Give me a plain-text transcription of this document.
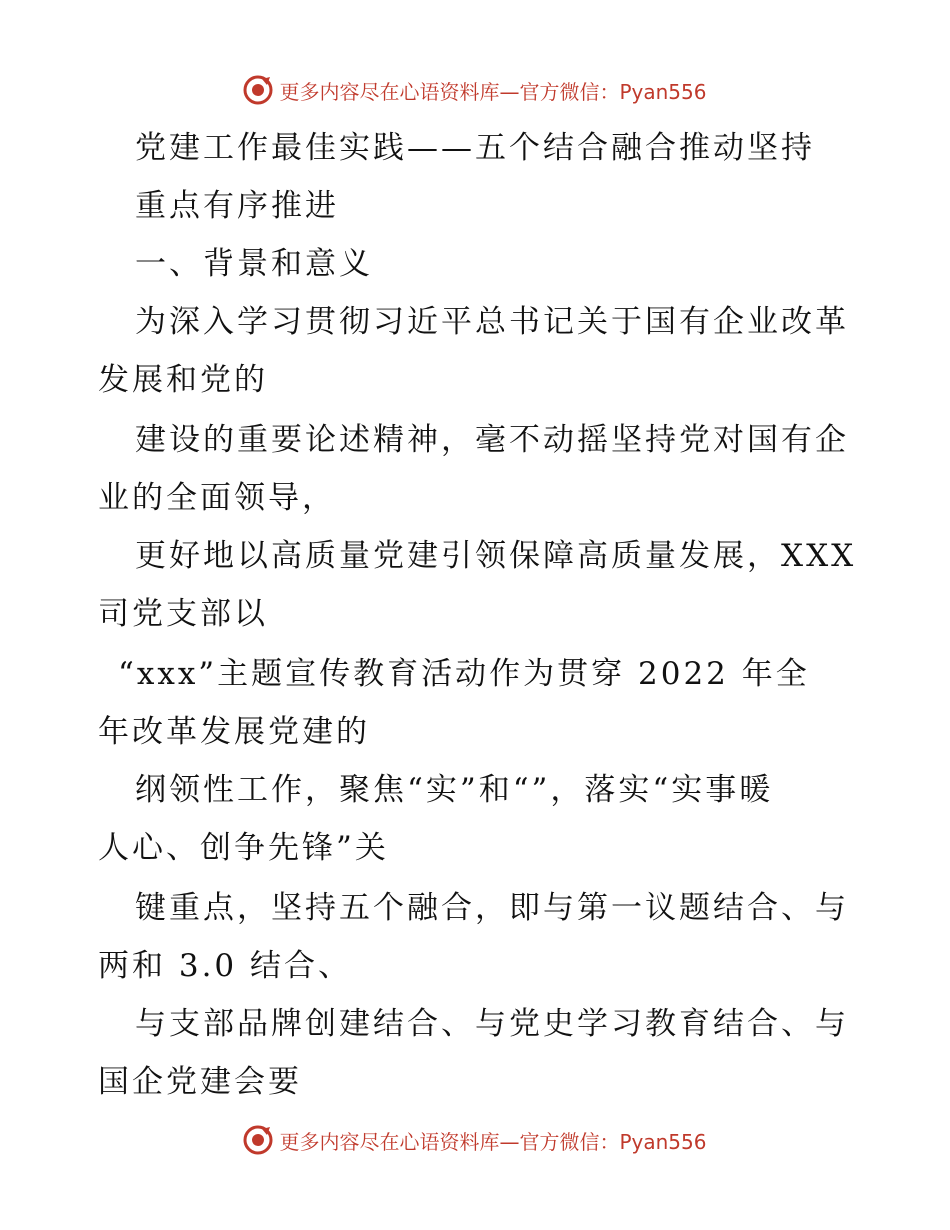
更多内容尽在心语资料库—官方微信：Pyan556
党建工作最佳实践——五个结合融合推动坚持
重点有序推进
一、背景和意义
为深入学习贯彻习近平总书记关于国有企业改革
发展和党的
建设的重要论述精神，毫不动摇坚持党对国有企
业的全面领导，
更好地以高质量党建引领保障高质量发展，XXX
司党支部以
“xxx”主题宣传教育活动作为贯穿 2022 年全
年改革发展党建的
纲领性工作，聚焦“实”和“”，落实“实事暖
人心、创争先锋”关
键重点，坚持五个融合，即与第一议题结合、与
两和 3.0 结合、
与支部品牌创建结合、与党史学习教育结合、与
国企党建会要
更多内容尽在心语资料库—官方微信：Pyan556
